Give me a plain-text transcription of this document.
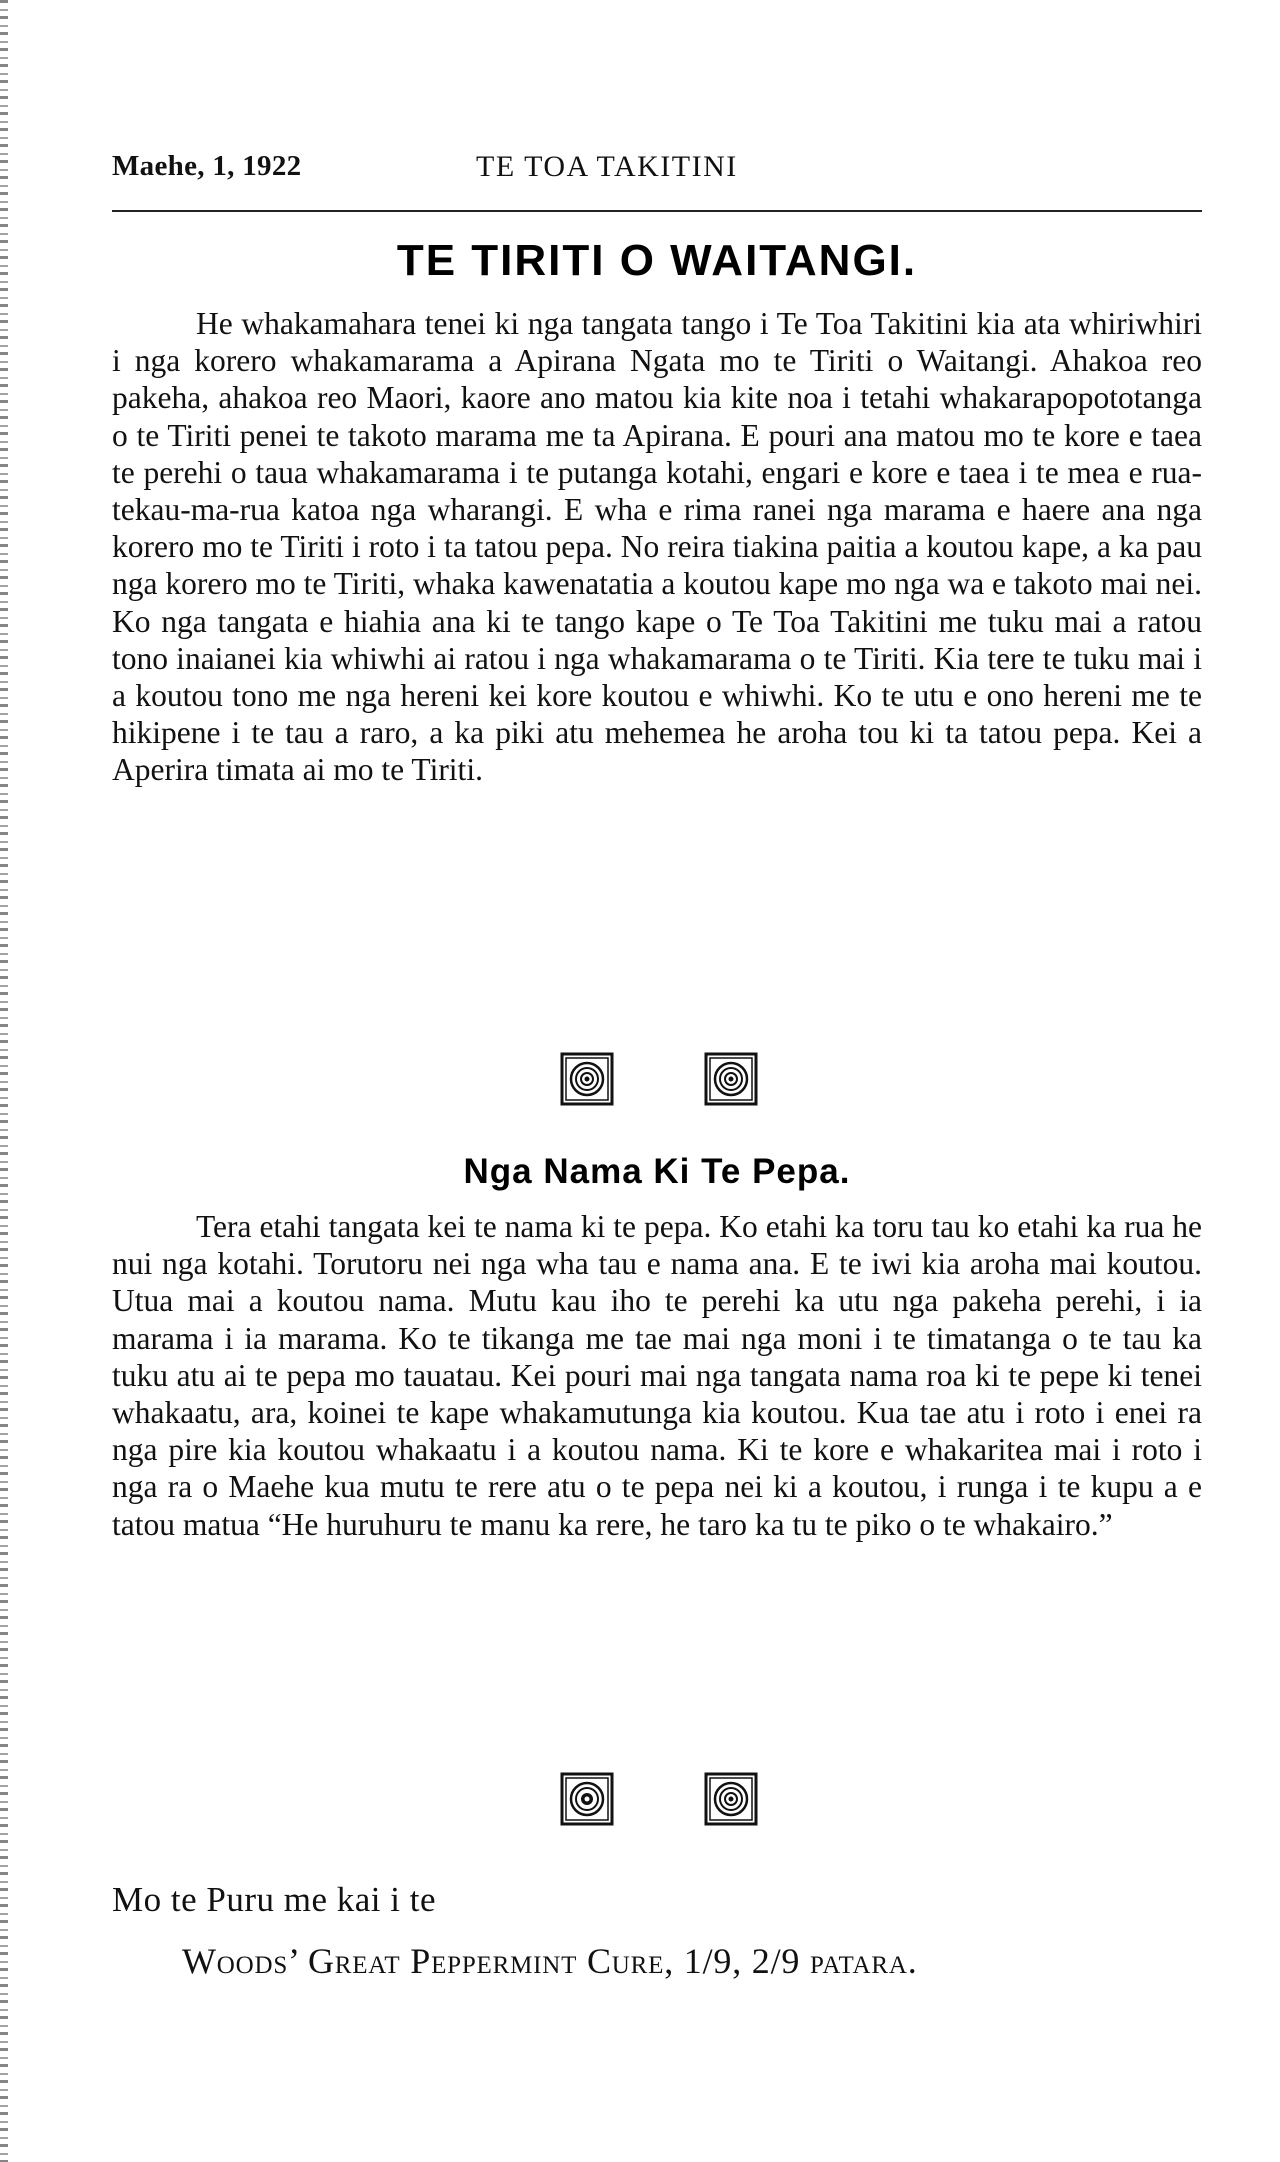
Maehe, 1, 1922	TE TOA TAKITINI
TE TIRITI O WAITANGI.

He whakamahara tenei ki nga tangata tango i Te Toa Takitini kia ata whiriwhiri i nga korero whakamarama a Apirana Ngata mo te Tiriti o Waitangi. Ahakoa reo pakeha, ahakoa reo Maori, kaore ano matou kia kite noa i tetahi whakarapopototanga o te Tiriti penei te takoto marama me ta Apirana. E pouri ana matou mo te kore e taea te perehi o taua whakamarama i te putanga kotahi, engari e kore e taea i te mea e rua-tekau-ma-rua katoa nga wharangi. E wha e rima ranei nga marama e haere ana nga korero mo te Tiriti i roto i ta tatou pepa. No reira tiakina paitia a koutou kape, a ka pau nga korero mo te Tiriti, whaka kawenatatia a koutou kape mo nga wa e takoto mai nei. Ko nga tangata e hiahia ana ki te tango kape o Te Toa Takitini me tuku mai a ratou tono inaianei kia whiwhi ai ratou i nga whakamarama o te Tiriti. Kia tere te tuku mai i a koutou tono me nga hereni kei kore koutou e whiwhi. Ko te utu e ono hereni me te hikipene i te tau a raro, a ka piki atu mehemea he aroha tou ki ta tatou pepa. Kei a Aperira timata ai mo te Tiriti.

Nga Nama Ki Te Pepa.

Tera etahi tangata kei te nama ki te pepa. Ko etahi ka toru tau ko etahi ka rua he nui nga kotahi. Torutoru nei nga wha tau e nama ana. E te iwi kia aroha mai koutou. Utua mai a koutou nama. Mutu kau iho te perehi ka utu nga pakeha perehi, i ia marama i ia marama. Ko te tikanga me tae mai nga moni i te timatanga o te tau ka tuku atu ai te pepa mo tauatau. Kei pouri mai nga tangata nama roa ki te pepe ki tenei whakaatu, ara, koinei te kape whakamutunga kia koutou. Kua tae atu i roto i enei ra nga pire kia koutou whakaatu i a koutou nama. Ki te kore e whakaritea mai i roto i nga ra o Maehe kua mutu te rere atu o te pepa nei ki a koutou, i runga i te kupu a e tatou matua “He huruhuru te manu ka rere, he taro ka tu te piko o te whakairo.”

Mo te Puru me kai i te
Woods’ Great Peppermint Cure, 1/9, 2/9 patara.
